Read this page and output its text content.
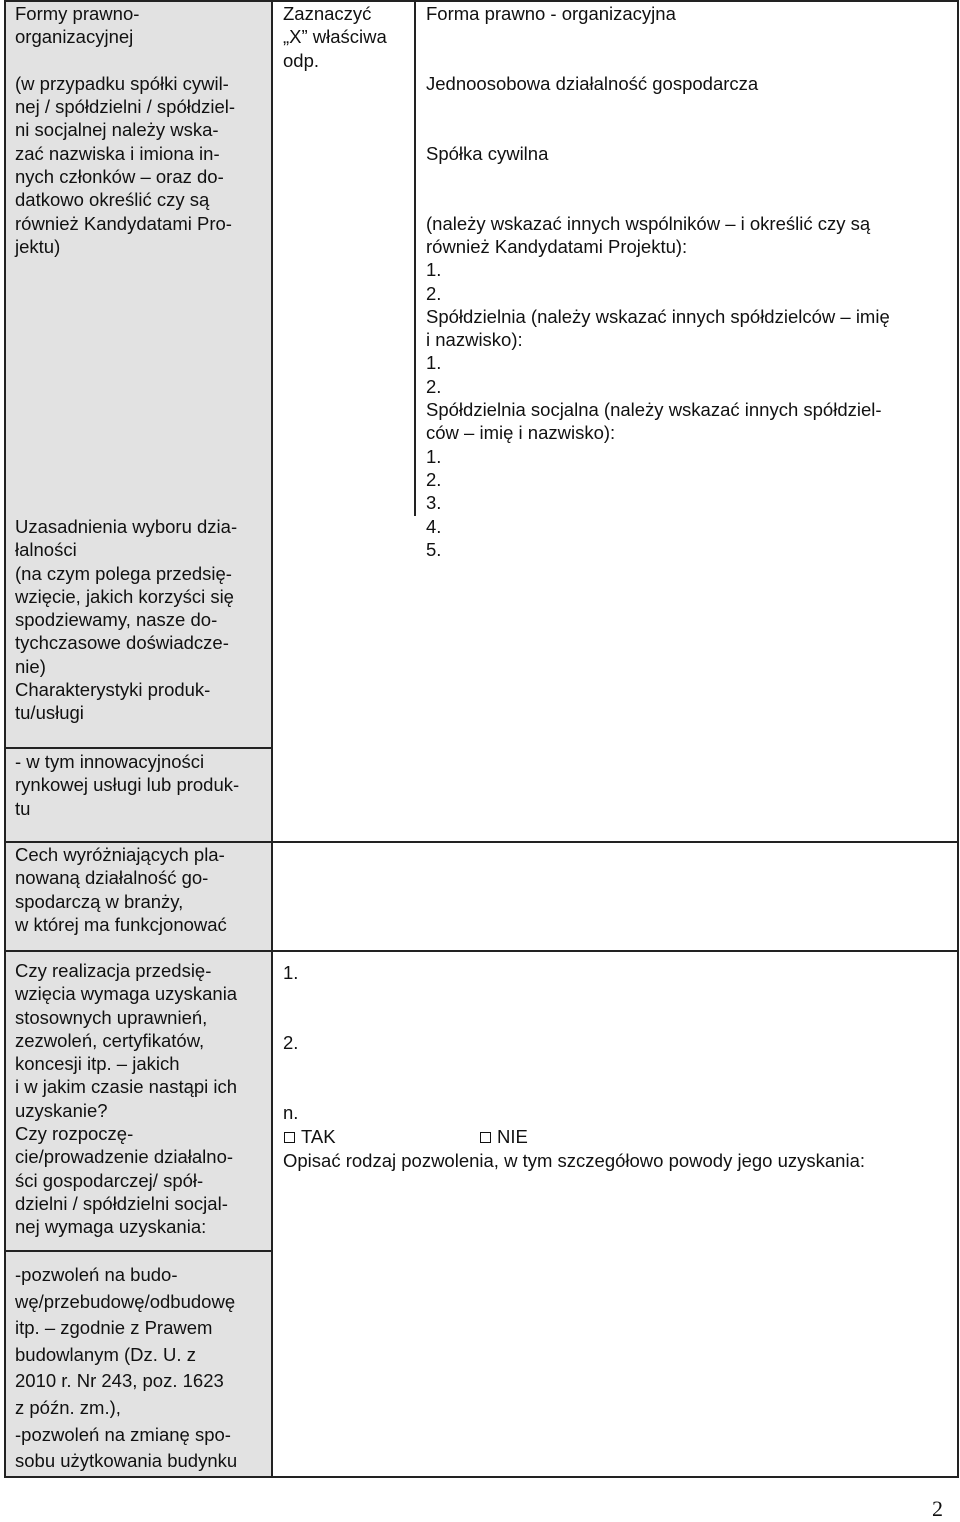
Formy prawno-
organizacyjnej

(w przypadku spółki cywil-
nej / spółdzielni / spółdziel-
ni socjalnej należy wska-
zać nazwiska i imiona in-
nych członków – oraz do-
datkowo określić czy są
również Kandydatami Pro-
jektu)
Uzasadnienia wyboru dzia-
łalności
(na czym polega przedsię-
wzięcie, jakich korzyści się
spodziewamy, nasze do-
tychczasowe doświadcze-
nie)
Charakterystyki produk-
tu/usługi
- w tym innowacyjności
rynkowej usługi lub produk-
tu
Cech wyróżniających pla-
nowaną działalność go-
spodarczą w branży,
w której ma funkcjonować
Czy realizacja przedsię-
wzięcia wymaga uzyskania
stosownych uprawnień,
zezwoleń, certyfikatów,
koncesji itp. – jakich
i w jakim czasie nastąpi ich
uzyskanie?
Czy rozpoczę-
cie/prowadzenie działalno-
ści gospodarczej/ spół-
dzielni / spółdzielni socjal-
nej wymaga uzyskania:
-pozwoleń na budo-
wę/przebudowę/odbudowę
itp. – zgodnie z Prawem
budowlanym (Dz. U. z
2010 r. Nr 243, poz. 1623
z późn. zm.),
-pozwoleń na zmianę spo-
sobu użytkowania budynku
Zaznaczyć
„X” właściwa
odp.
Forma prawno - organizacyjna

Jednoosobowa działalność gospodarcza

Spółka cywilna

(należy wskazać innych wspólników – i określić czy są
również Kandydatami Projektu):
1.
2.
Spółdzielnia (należy wskazać innych spółdzielców – imię
i nazwisko):
1.
2.
Spółdzielnia socjalna (należy wskazać innych spółdziel-
ców – imię i nazwisko):
1.
2.
3.
4.
5.
1.

2.

n.
TAK	NIE
Opisać rodzaj pozwolenia, w tym szczegółowo powody jego uzyskania:
2
